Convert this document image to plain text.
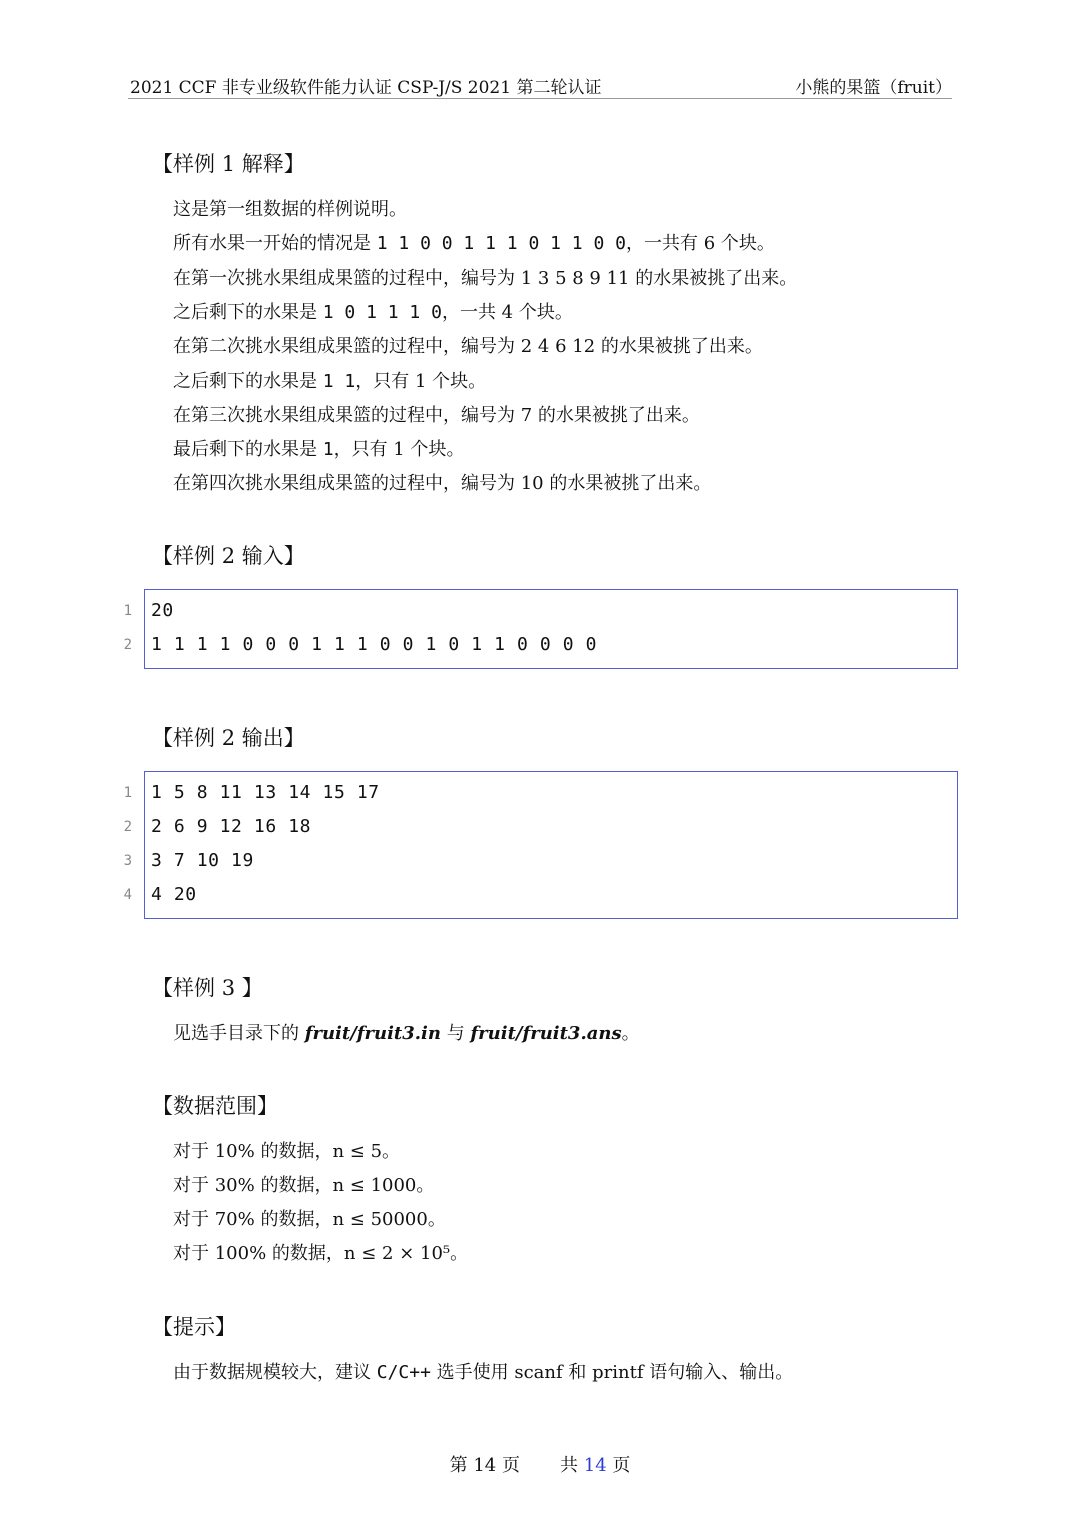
2021 CCF 非专业级软件能力认证 CSP-J/S 2021 第二轮认证	小熊的果篮（fruit）
【样例 1 解释】
这是第一组数据的样例说明。
所有水果一开始的情况是 1 1 0 0 1 1 1 0 1 1 0 0，一共有 6 个块。
在第一次挑水果组成果篮的过程中，编号为 1 3 5 8 9 11 的水果被挑了出来。
之后剩下的水果是 1 0 1 1 1 0，一共 4 个块。
在第二次挑水果组成果篮的过程中，编号为 2 4 6 12 的水果被挑了出来。
之后剩下的水果是 1 1，只有 1 个块。
在第三次挑水果组成果篮的过程中，编号为 7 的水果被挑了出来。
最后剩下的水果是 1，只有 1 个块。
在第四次挑水果组成果篮的过程中，编号为 10 的水果被挑了出来。
【样例 2 输入】
1
2
20
1 1 1 1 0 0 0 1 1 1 0 0 1 0 1 1 0 0 0 0
【样例 2 输出】
1
2
3
4
1 5 8 11 13 14 15 17
2 6 9 12 16 18
3 7 10 19
4 20
【样例 3 】
见选手目录下的 fruit/fruit3.in 与 fruit/fruit3.ans。
【数据范围】
对于 10% 的数据，n ≤ 5。
对于 30% 的数据，n ≤ 1000。
对于 70% 的数据，n ≤ 50000。
对于 100% 的数据，n ≤ 2 × 10⁵。
【提示】
由于数据规模较大，建议 C/C++ 选手使用 scanf 和 printf 语句输入、输出。
第 14 页 共 14 页
